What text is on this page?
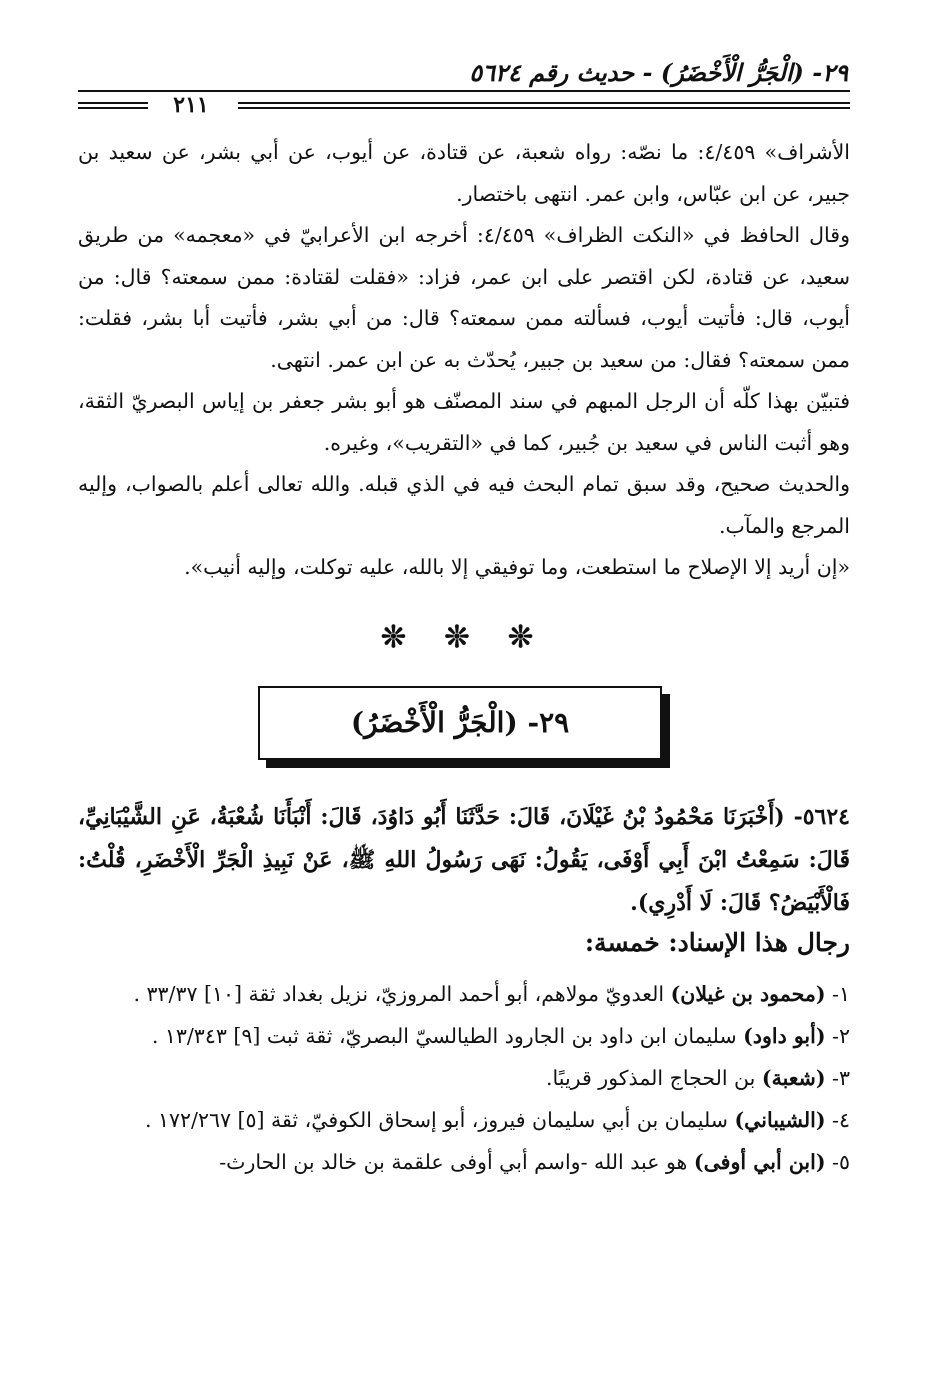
٢٩- (الْجَرُّ الْأَخْضَرُ) - حديث رقم ٥٦٢٤
٢١١

الأشراف» ٤/٤٥٩: ما نصّه: رواه شعبة، عن قتادة، عن أيوب، عن أبي بشر، عن سعيد بن جبير، عن ابن عبّاس، وابن عمر. انتهى باختصار.

وقال الحافظ في «النكت الظراف» ٤/٤٥٩: أخرجه ابن الأعرابيّ في «معجمه» من طريق سعيد، عن قتادة، لكن اقتصر على ابن عمر، فزاد: «فقلت لقتادة: ممن سمعته؟ قال: من أيوب، قال: فأتيت أيوب، فسألته ممن سمعته؟ قال: من أبي بشر، فأتيت أبا بشر، فقلت: ممن سمعته؟ فقال: من سعيد بن جبير، يُحدّث به عن ابن عمر. انتهى.

فتبيّن بهذا كلّه أن الرجل المبهم في سند المصنّف هو أبو بشر جعفر بن إياس البصريّ الثقة، وهو أثبت الناس في سعيد بن جُبير، كما في «التقريب»، وغيره.

والحديث صحيح، وقد سبق تمام البحث فيه في الذي قبله. والله تعالى أعلم بالصواب، وإليه المرجع والمآب.

«إن أريد إلا الإصلاح ما استطعت، وما توفيقي إلا بالله، عليه توكلت، وإليه أنيب».

❊ ❊ ❊
٢٩- (الْجَرُّ الْأَخْضَرُ)

٥٦٢٤- (أَخْبَرَنَا مَحْمُودُ بْنُ غَيْلَانَ، قَالَ: حَدَّثَنَا أَبُو دَاوُدَ، قَالَ: أَنْبَأَنَا شُعْبَةُ، عَنِ الشَّيْبَانِيِّ، قَالَ: سَمِعْتُ ابْنَ أَبِي أَوْفَى، يَقُولُ: نَهَى رَسُولُ اللهِ ﷺ، عَنْ نَبِيذِ الْجَرِّ الْأَخْضَرِ، قُلْتُ: فَالْأَبْيَضُ؟ قَالَ: لَا أَدْرِي).

رجال هذا الإسناد: خمسة:
١- (محمود بن غيلان) العدويّ مولاهم، أبو أحمد المروزيّ، نزيل بغداد ثقة [١٠] ٣٣/٣٧ .
٢- (أبو داود) سليمان ابن داود بن الجارود الطيالسيّ البصريّ، ثقة ثبت [٩] ١٣/٣٤٣ .
٣- (شعبة) بن الحجاج المذكور قريبًا.
٤- (الشيباني) سليمان بن أبي سليمان فيروز، أبو إسحاق الكوفيّ، ثقة [٥] ١٧٢/٢٦٧ .
٥- (ابن أبي أوفى) هو عبد الله -واسم أبي أوفى علقمة بن خالد بن الحارث-
